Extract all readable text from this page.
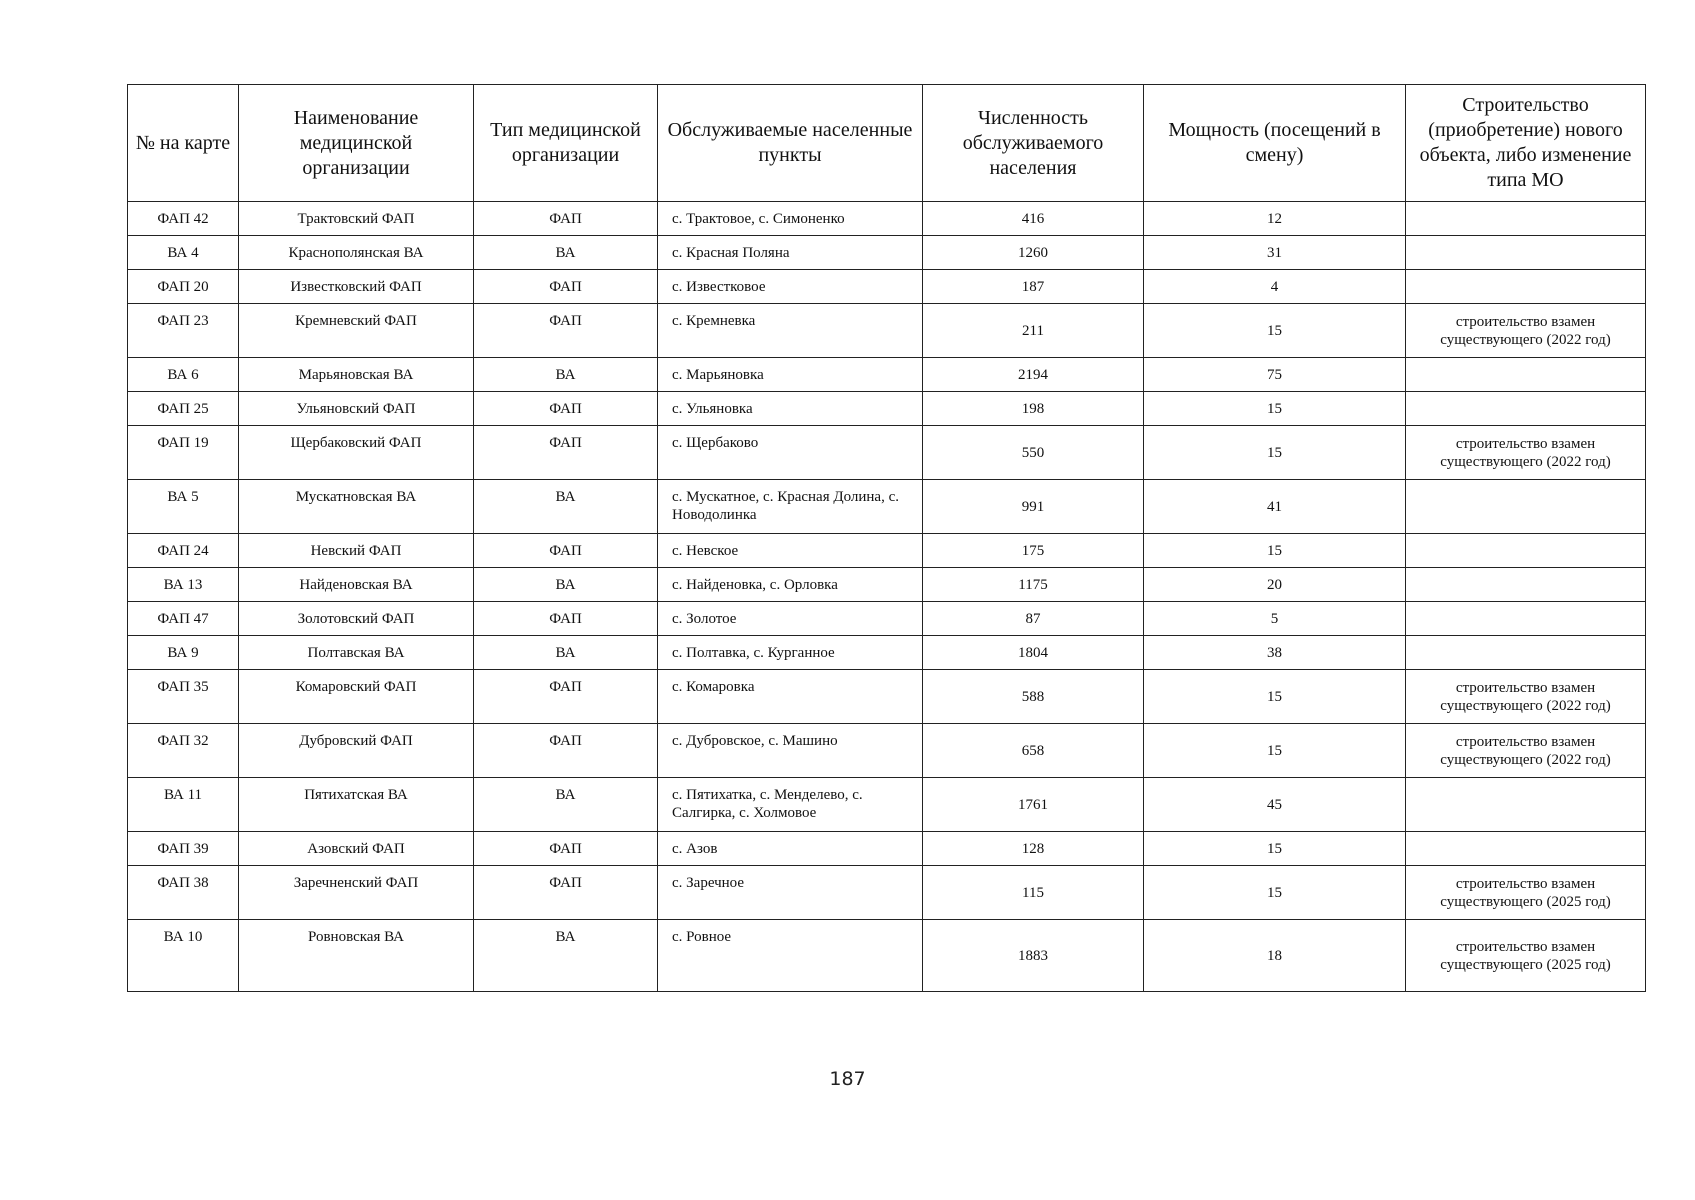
№ на карте	Наименование медицинской организации	Тип медицинской организации	Обслуживаемые населенные пункты	Численность обслуживаемого населения	Мощность (посещений в смену)	Строительство (приобретение) нового объекта, либо изменение типа МО
ФАП 42	Трактовский ФАП	ФАП	с. Трактовое, с. Симоненко	416	12	
ВА 4	Краснополянская ВА	ВА	с. Красная Поляна	1260	31	
ФАП 20	Известковский ФАП	ФАП	с. Известковое	187	4	
ФАП 23	Кремневский ФАП	ФАП	с. Кремневка	211	15	строительство взамен существующего (2022 год)
ВА 6	Марьяновская ВА	ВА	с. Марьяновка	2194	75	
ФАП 25	Ульяновский ФАП	ФАП	с. Ульяновка	198	15	
ФАП 19	Щербаковский ФАП	ФАП	с. Щербаково	550	15	строительство взамен существующего (2022 год)
ВА 5	Мускатновская ВА	ВА	с. Мускатное, с. Красная Долина, с. Новодолинка	991	41	
ФАП 24	Невский ФАП	ФАП	с. Невское	175	15	
ВА 13	Найденовская ВА	ВА	с. Найденовка, с. Орловка	1175	20	
ФАП 47	Золотовский ФАП	ФАП	с. Золотое	87	5	
ВА 9	Полтавская ВА	ВА	с. Полтавка, с. Курганное	1804	38	
ФАП 35	Комаровский ФАП	ФАП	с. Комаровка	588	15	строительство взамен существующего (2022 год)
ФАП 32	Дубровский ФАП	ФАП	с. Дубровское, с. Машино	658	15	строительство взамен существующего (2022 год)
ВА 11	Пятихатская ВА	ВА	с. Пятихатка, с. Менделево, с. Салгирка, с. Холмовое	1761	45	
ФАП 39	Азовский ФАП	ФАП	с. Азов	128	15	
ФАП 38	Заречненский ФАП	ФАП	с. Заречное	115	15	строительство взамен существующего (2025 год)
ВА 10	Ровновская ВА	ВА	с. Ровное	1883	18	строительство взамен существующего (2025 год)
187
